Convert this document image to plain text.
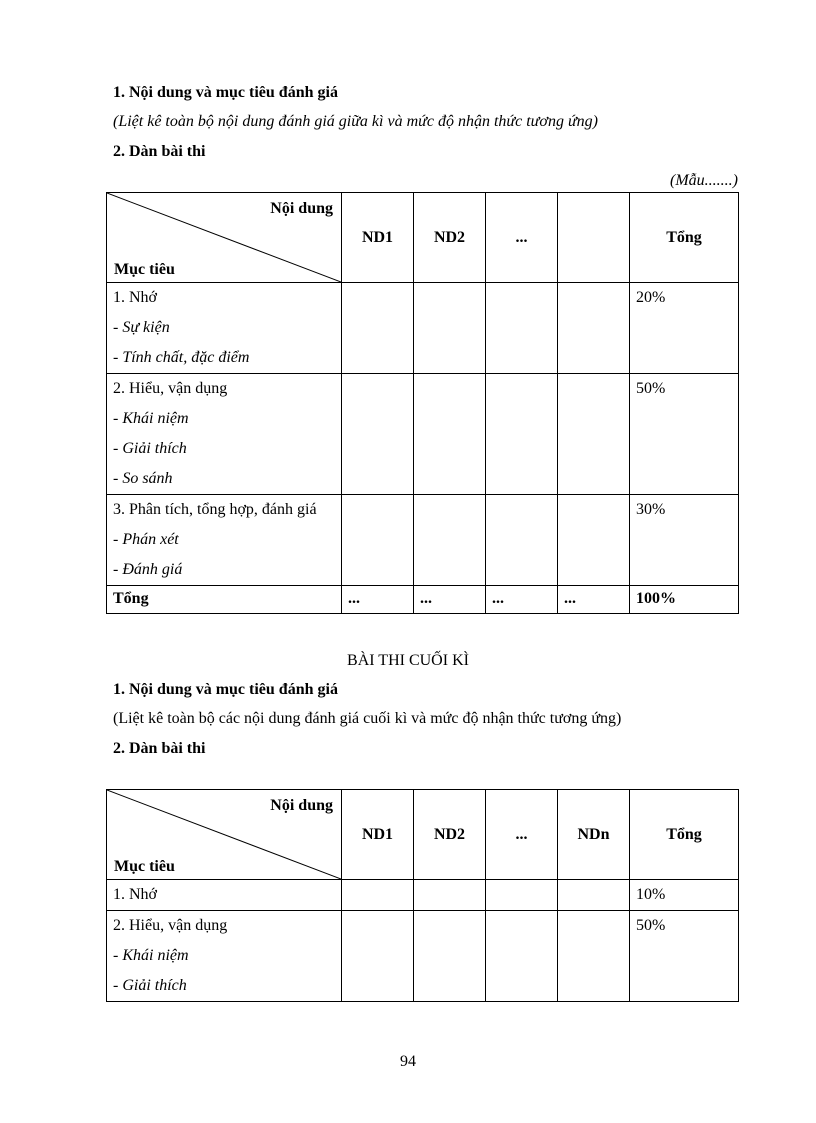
1. Nội dung và mục tiêu đánh giá
(Liệt kê toàn bộ nội dung đánh giá giữa kì và mức độ nhận thức tương ứng)
2. Dàn bài thi
(Mẫu.......)
Nội dung
Mục tiêu	ND1	ND2	...		Tổng

1. Nhớ
- Sự kiện
- Tính chất, đặc điểm					20%

2. Hiểu, vận dụng
- Khái niệm
- Giải thích
- So sánh					50%

3. Phân tích, tổng hợp, đánh giá
- Phán xét
- Đánh giá					30%
Tổng	...	...	...	...	100%
BÀI THI CUỐI KÌ
1. Nội dung và mục tiêu đánh giá
(Liệt kê toàn bộ các nội dung đánh giá cuối kì và mức độ nhận thức tương ứng)
2. Dàn bài thi
Nội dung
Mục tiêu	ND1	ND2	...	NDn	Tổng

1. Nhớ					10%

2. Hiểu, vận dụng
- Khái niệm
- Giải thích					50%
94
